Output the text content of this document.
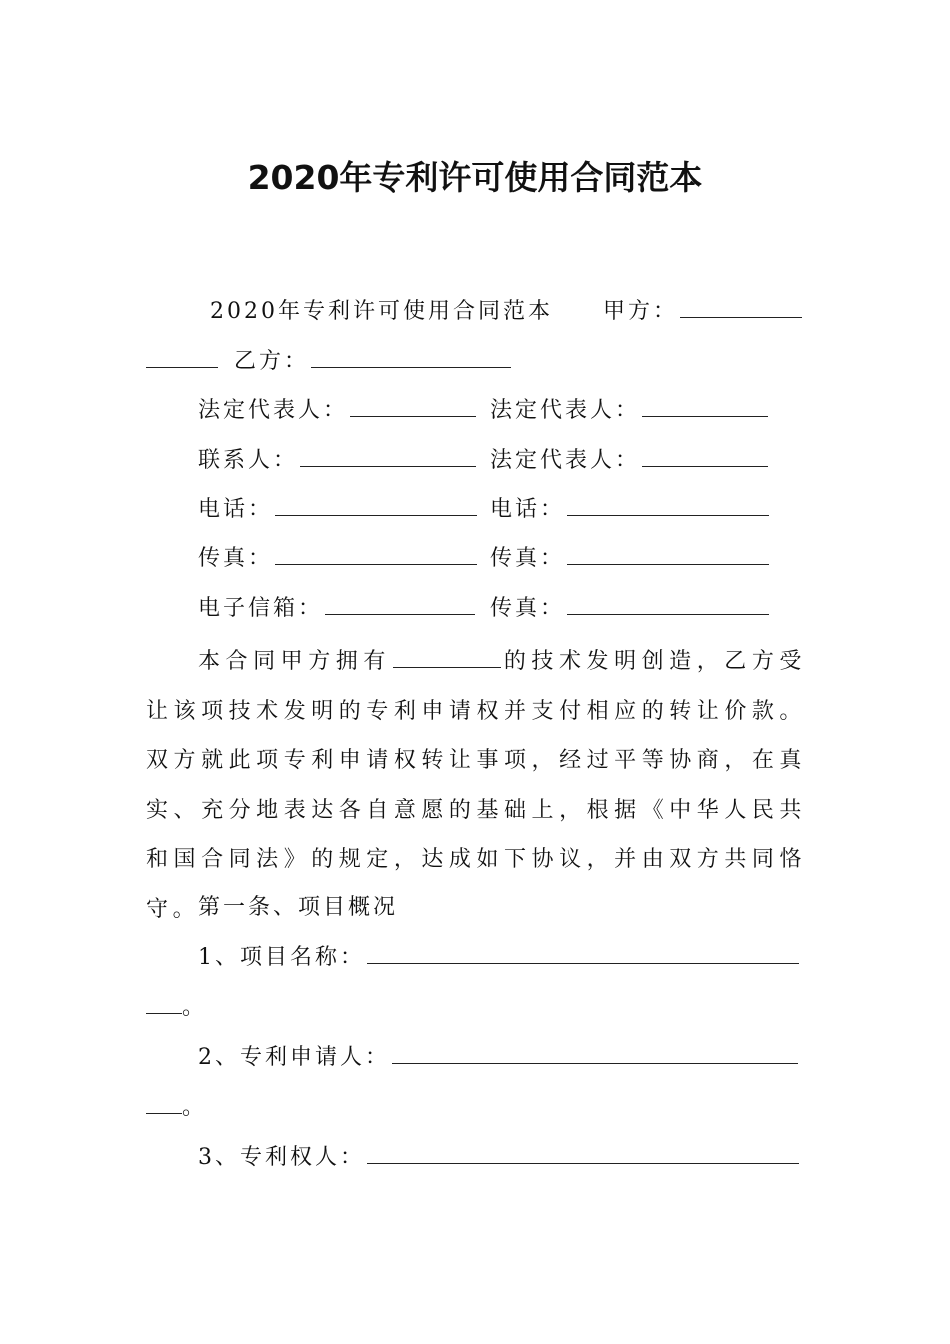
2020年专利许可使用合同范本
2020年专利许可使用合同范本 甲方：
乙方：
法定代表人：
联系人：
电话：
传真：
电子信箱：
法定代表人：
法定代表人：
电话：
传真：
传真：
本合同甲方拥有	的技术发明创造，乙方受让该项技术发明的专利申请权并支付相应的转让价款。双方就此项专利申请权转让事项，经过平等协商，在真实、充分地表达各自意愿的基础上，根据《中华人民共和国合同法》的规定，达成如下协议，并由双方共同恪守。
第一条、项目概况
1、项目名称：
。
2、专利申请人：
。
3、专利权人：
